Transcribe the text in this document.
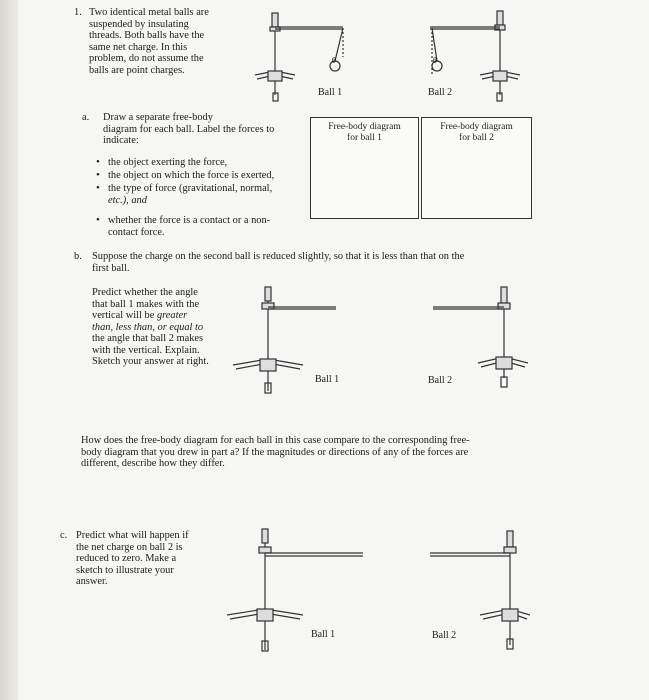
1. Two identical metal balls are
suspended by insulating
threads. Both balls have the
same net charge. In this
problem, do not assume the
balls are point charges.
θ	θ
Ball 1	Ball 2
a. Draw a separate free-body
diagram for each ball. Label the forces to
indicate:
• the object exerting the force,
• the object on which the force is exerted,
• the type of force (gravitational, normal,
etc.), and
• whether the force is a contact or a non-
contact force.
Free-body diagram
for ball 1
Free-body diagram
for ball 2
b. Suppose the charge on the second ball is reduced slightly, so that it is less than that on the
first ball.
Predict whether the angle
that ball 1 makes with the
vertical will be greater
than, less than, or equal to
the angle that ball 2 makes
with the vertical. Explain.
Sketch your answer at right.
Ball 1	Ball 2
How does the free-body diagram for each ball in this case compare to the corresponding free-
body diagram that you drew in part a? If the magnitudes or directions of any of the forces are
different, describe how they differ.
c. Predict what will happen if
the net charge on ball 2 is
reduced to zero. Make a
sketch to illustrate your
answer.
Ball 1	Ball 2
